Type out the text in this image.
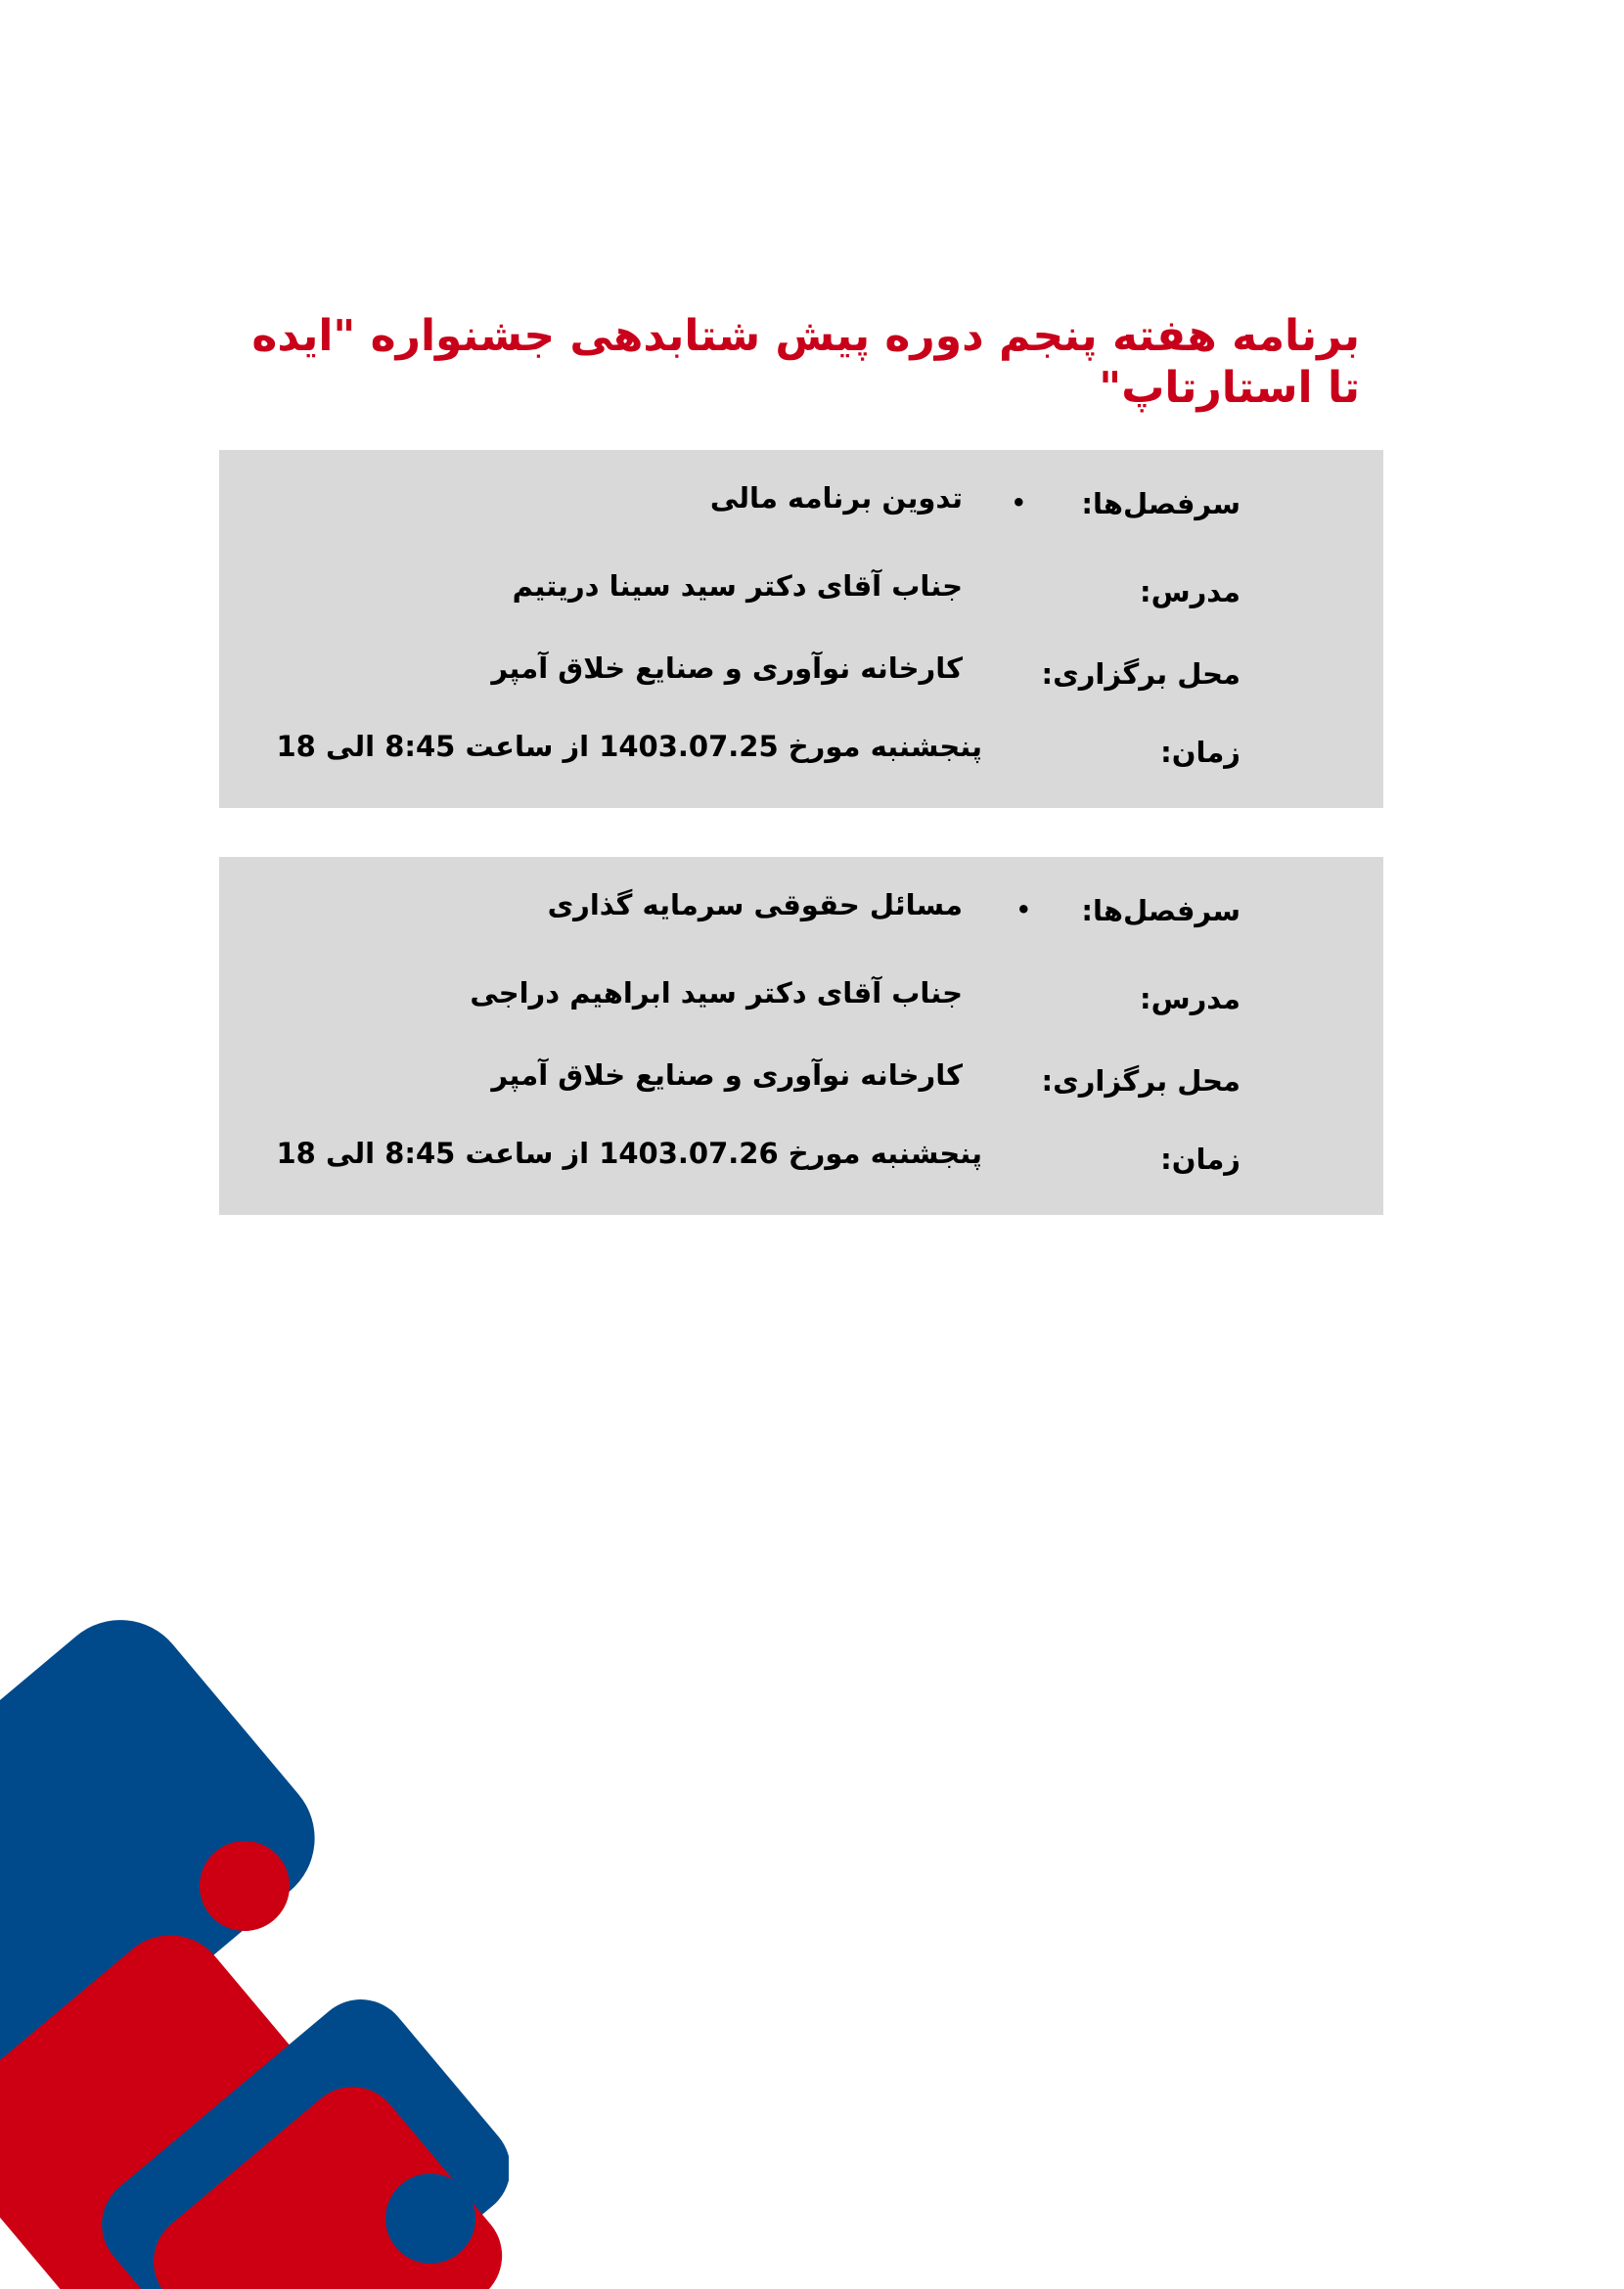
برنامه هفته پنجم دوره پیش شتابدهی جشنواره "ایده تا استارتاپ"
سرفصل‌ها:
•
تدوین برنامه مالی
مدرس:
جناب آقای دکتر سید سینا دریتیم
محل برگزاری:
کارخانه نوآوری و صنایع خلاق آمپر
زمان:
پنجشنبه مورخ 1403.07.25 از ساعت 8:45 الی 18
سرفصل‌ها:
•
مسائل حقوقی سرمایه گذاری
مدرس:
جناب آقای دکتر سید ابراهیم دراجی
محل برگزاری:
کارخانه نوآوری و صنایع خلاق آمپر
زمان:
پنجشنبه مورخ 1403.07.26 از ساعت 8:45 الی 18
